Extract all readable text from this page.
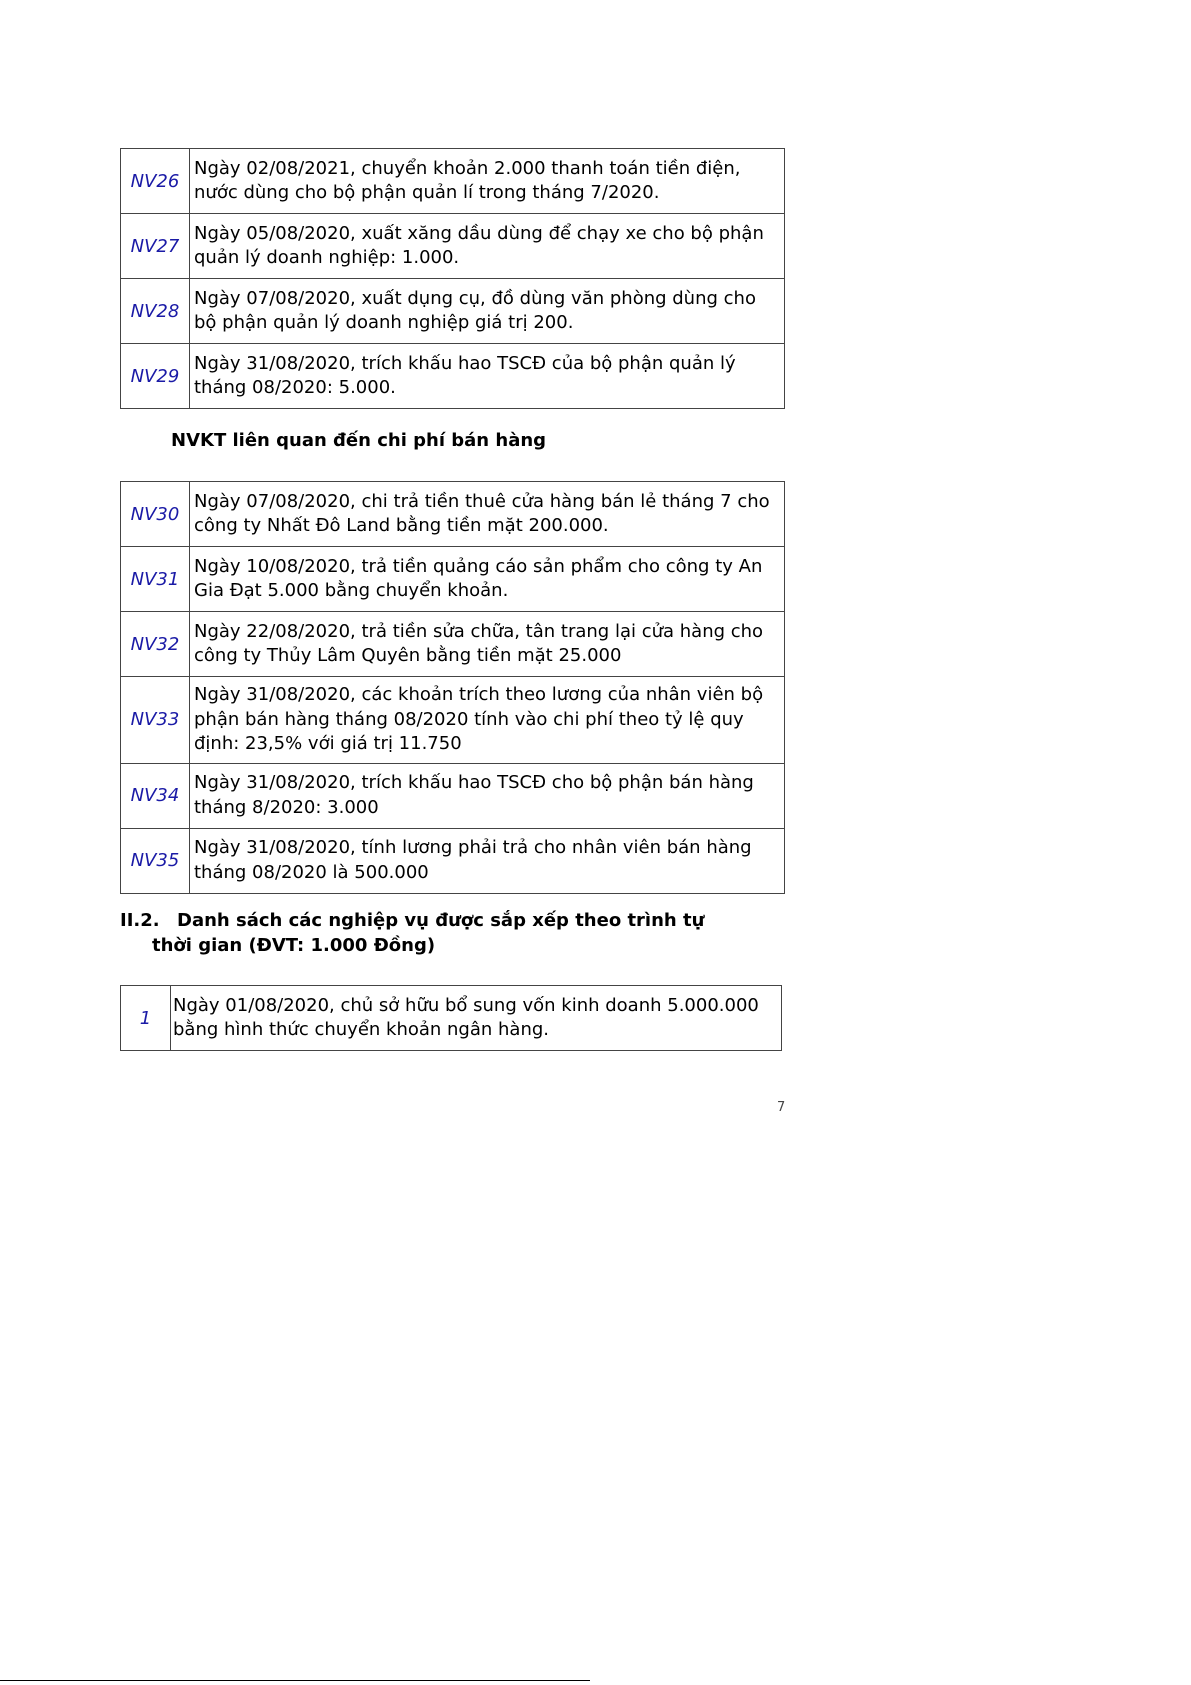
NV26	Ngày 02/08/2021, chuyển khoản 2.000 thanh toán tiền điện, nước dùng cho bộ phận quản lí trong tháng 7/2020.
NV27	Ngày 05/08/2020, xuất xăng dầu dùng để chạy xe cho bộ phận quản lý doanh nghiệp: 1.000.
NV28	Ngày 07/08/2020, xuất dụng cụ, đồ dùng văn phòng dùng cho bộ phận quản lý doanh nghiệp giá trị 200.
NV29	Ngày 31/08/2020, trích khấu hao TSCĐ của bộ phận quản lý tháng 08/2020: 5.000.
NVKT liên quan đến chi phí bán hàng
NV30	Ngày 07/08/2020, chi trả tiền thuê cửa hàng bán lẻ tháng 7 cho công ty Nhất Đô Land bằng tiền mặt 200.000.
NV31	Ngày 10/08/2020, trả tiền quảng cáo sản phẩm cho công ty An Gia Đạt 5.000 bằng chuyển khoản.
NV32	Ngày 22/08/2020, trả tiền sửa chữa, tân trang lại cửa hàng cho công ty Thủy Lâm Quyên bằng tiền mặt 25.000
NV33	Ngày 31/08/2020, các khoản trích theo lương của nhân viên bộ phận bán hàng tháng 08/2020 tính vào chi phí theo tỷ lệ quy định: 23,5% với giá trị 11.750
NV34	Ngày 31/08/2020, trích khấu hao TSCĐ cho bộ phận bán hàng tháng 8/2020: 3.000
NV35	Ngày 31/08/2020, tính lương phải trả cho nhân viên bán hàng tháng 08/2020 là 500.000
II.2. Danh sách các nghiệp vụ được sắp xếp theo trình tự
thời gian (ĐVT: 1.000 Đồng)
1	Ngày 01/08/2020, chủ sở hữu bổ sung vốn kinh doanh 5.000.000 bằng hình thức chuyển khoản ngân hàng.
7
